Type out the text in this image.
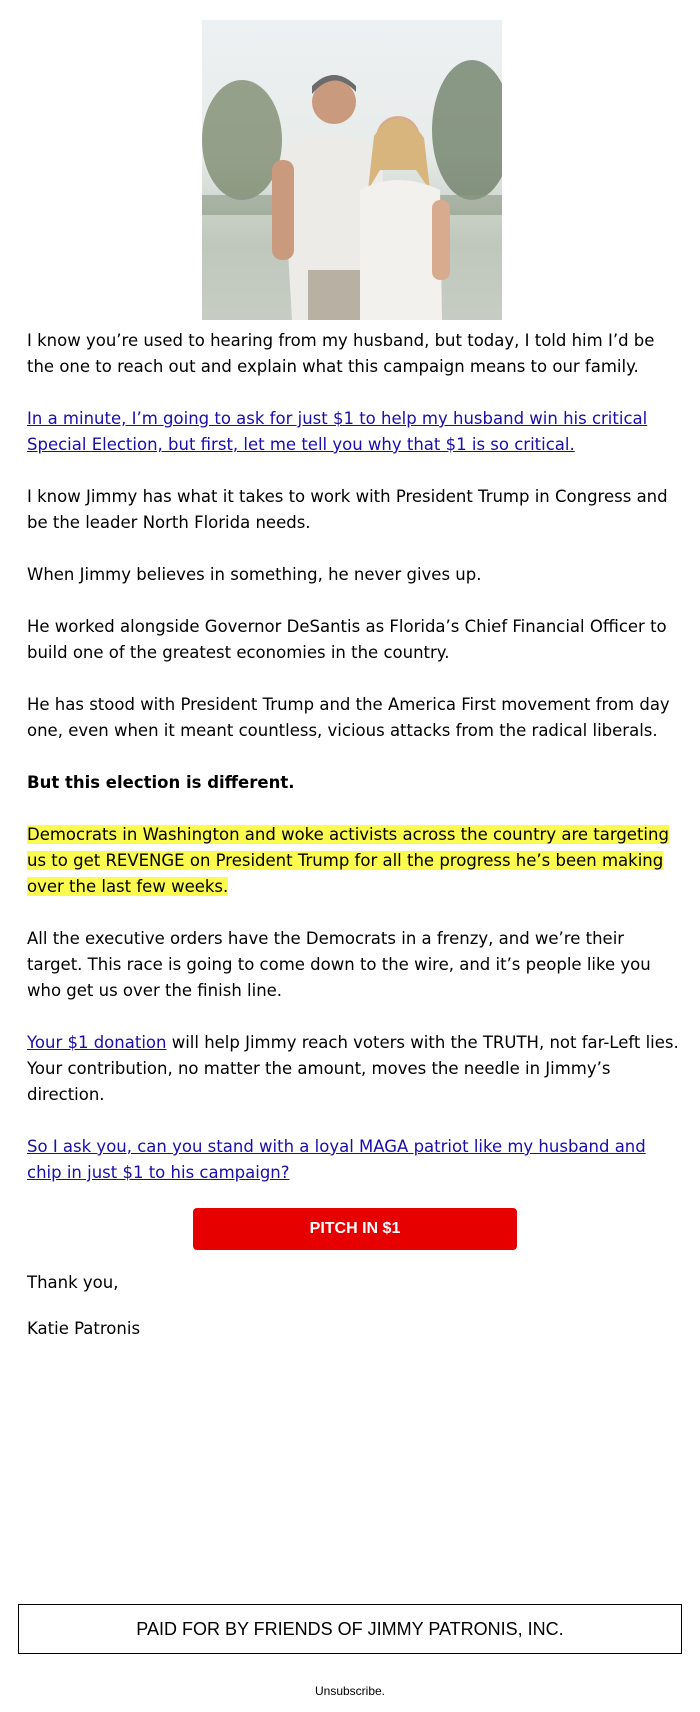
I know you’re used to hearing from my husband, but today, I told him I’d be the one to reach out and explain what this campaign means to our family.

In a minute, I’m going to ask for just $1 to help my husband win his critical Special Election, but first, let me tell you why that $1 is so critical.

I know Jimmy has what it takes to work with President Trump in Congress and be the leader North Florida needs.

When Jimmy believes in something, he never gives up.

He worked alongside Governor DeSantis as Florida’s Chief Financial Officer to build one of the greatest economies in the country.

He has stood with President Trump and the America First movement from day one, even when it meant countless, vicious attacks from the radical liberals.

But this election is different.

Democrats in Washington and woke activists across the country are targeting us to get REVENGE on President Trump for all the progress he’s been making over the last few weeks.

All the executive orders have the Democrats in a frenzy, and we’re their target. This race is going to come down to the wire, and it’s people like you who get us over the finish line.

Your $1 donation will help Jimmy reach voters with the TRUTH, not far-Left lies. Your contribution, no matter the amount, moves the needle in Jimmy’s direction.

So I ask you, can you stand with a loyal MAGA patriot like my husband and chip in just $1 to his campaign?

PITCH IN $1

Thank you,

Katie Patronis

PAID FOR BY FRIENDS OF JIMMY PATRONIS, INC.
Unsubscribe.
